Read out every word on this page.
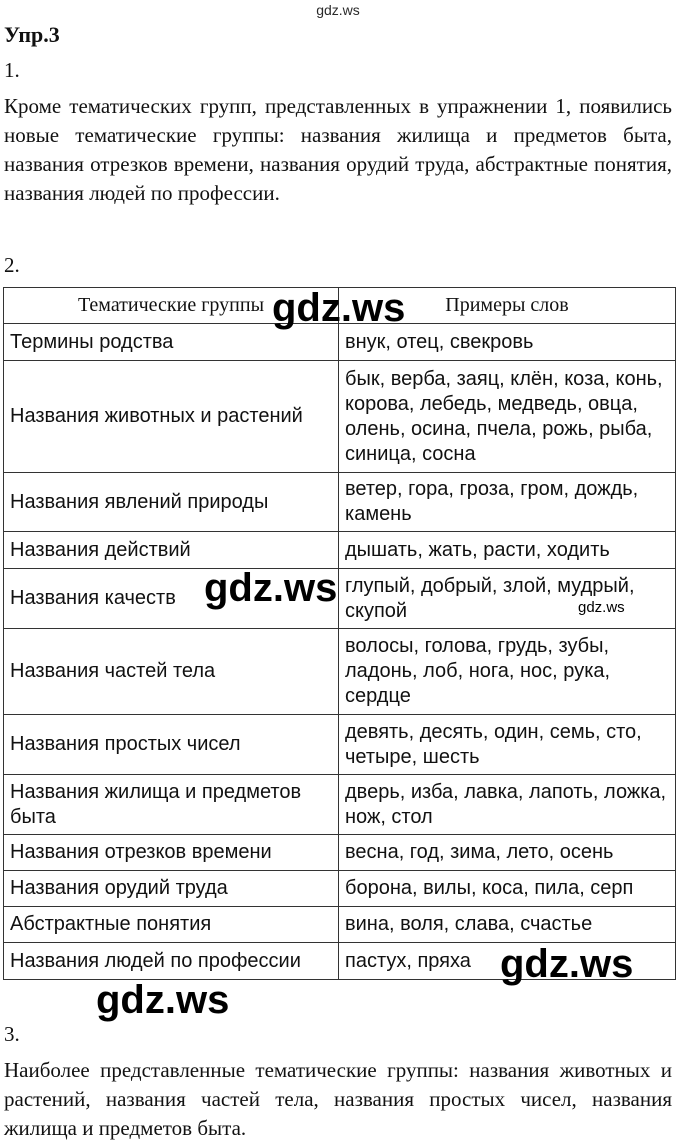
gdz.ws
Упр.3
1.
Кроме тематических групп, представленных в упражнении 1, появились новые тематические группы: названия жилища и предметов быта, названия отрезков времени, названия орудий труда, абстрактные понятия, названия людей по профессии.
2.
Тематические группы	Примеры слов
Термины родства	внук, отец, свекровь
Названия животных и растений	бык, верба, заяц, клён, коза, конь, корова, лебедь, медведь, овца, олень, осина, пчела, рожь, рыба, синица, сосна
Названия явлений природы	ветер, гора, гроза, гром, дождь, камень
Названия действий	дышать, жать, расти, ходить
Названия качеств	глупый, добрый, злой, мудрый, скупой
Названия частей тела	волосы, голова, грудь, зубы, ладонь, лоб, нога, нос, рука, сердце
Названия простых чисел	девять, десять, один, семь, сто, четыре, шесть
Названия жилища и предметов быта	дверь, изба, лавка, лапоть, ложка, нож, стол
Названия отрезков времени	весна, год, зима, лето, осень
Названия орудий труда	борона, вилы, коса, пила, серп
Абстрактные понятия	вина, воля, слава, счастье
Названия людей по профессии	пастух, пряха
gdz.ws
gdz.ws	gdz.ws
gdz.ws
gdz.ws
3.
Наиболее представленные тематические группы: названия животных и растений, названия частей тела, названия простых чисел, названия жилища и предметов быта.
